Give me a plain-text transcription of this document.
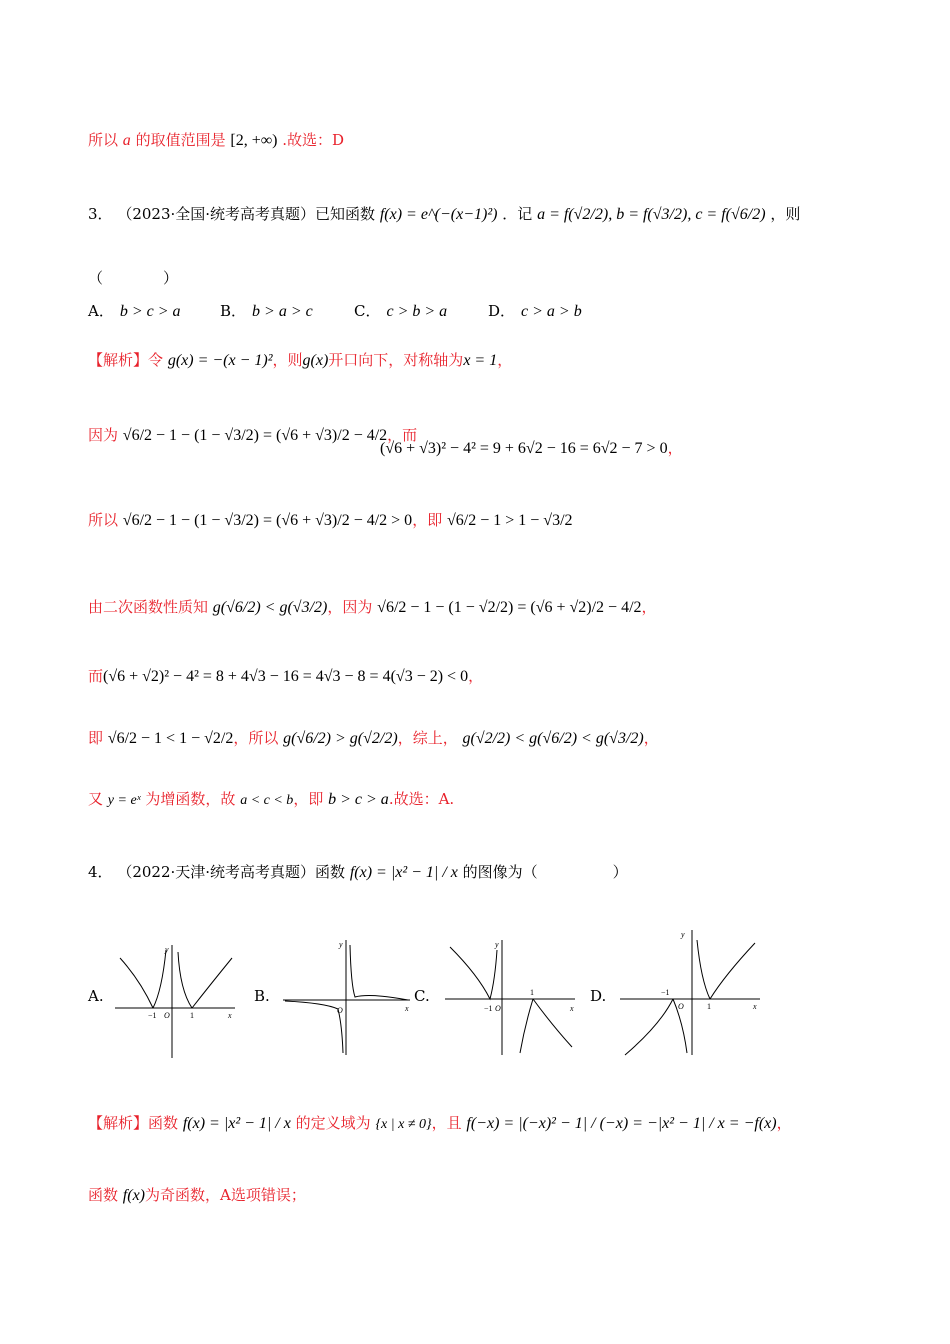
所以 a 的取值范围是 [2, +∞) .故选：D
3． （2023·全国·统考高考真题）已知函数 f(x) = e^(−(x−1)²) ．记 a = f(√2/2), b = f(√3/2), c = f(√6/2) ，则
（　　　　）
A． b > c > a	B． b > a > c	C． c > b > a	D． c > a > b
【解析】令 g(x) = −(x − 1)²，则g(x)开口向下，对称轴为x = 1，
因为 √6/2 − 1 − (1 − √3/2) = (√6 + √3)/2 − 4/2，而
(√6 + √3)² − 4² = 9 + 6√2 − 16 = 6√2 − 7 > 0，
所以 √6/2 − 1 − (1 − √3/2) = (√6 + √3)/2 − 4/2 > 0，即 √6/2 − 1 > 1 − √3/2
由二次函数性质知 g(√6/2) < g(√3/2)，因为 √6/2 − 1 − (1 − √2/2) = (√6 + √2)/2 − 4/2，
而(√6 + √2)² − 4² = 8 + 4√3 − 16 = 4√3 − 8 = 4(√3 − 2) < 0，
即 √6/2 − 1 < 1 − √2/2，所以 g(√6/2) > g(√2/2)，综上， g(√2/2) < g(√6/2) < g(√3/2)，
又 y = eˣ 为增函数，故 a < c < b，即 b > c > a.故选：A.
4． （2022·天津·统考高考真题）函数 f(x) = |x² − 1| / x 的图像为（　　　　　）
A.
−1 O	1	x
y
B.
O	x
y
C.
−1 O
1
x
y
D.	−1
O	1	x
y
【解析】函数 f(x) = |x² − 1| / x 的定义域为 {x | x ≠ 0}，且 f(−x) = |(−x)² − 1| / (−x) = −|x² − 1| / x = −f(x)，
函数 f(x)为奇函数，A选项错误；
